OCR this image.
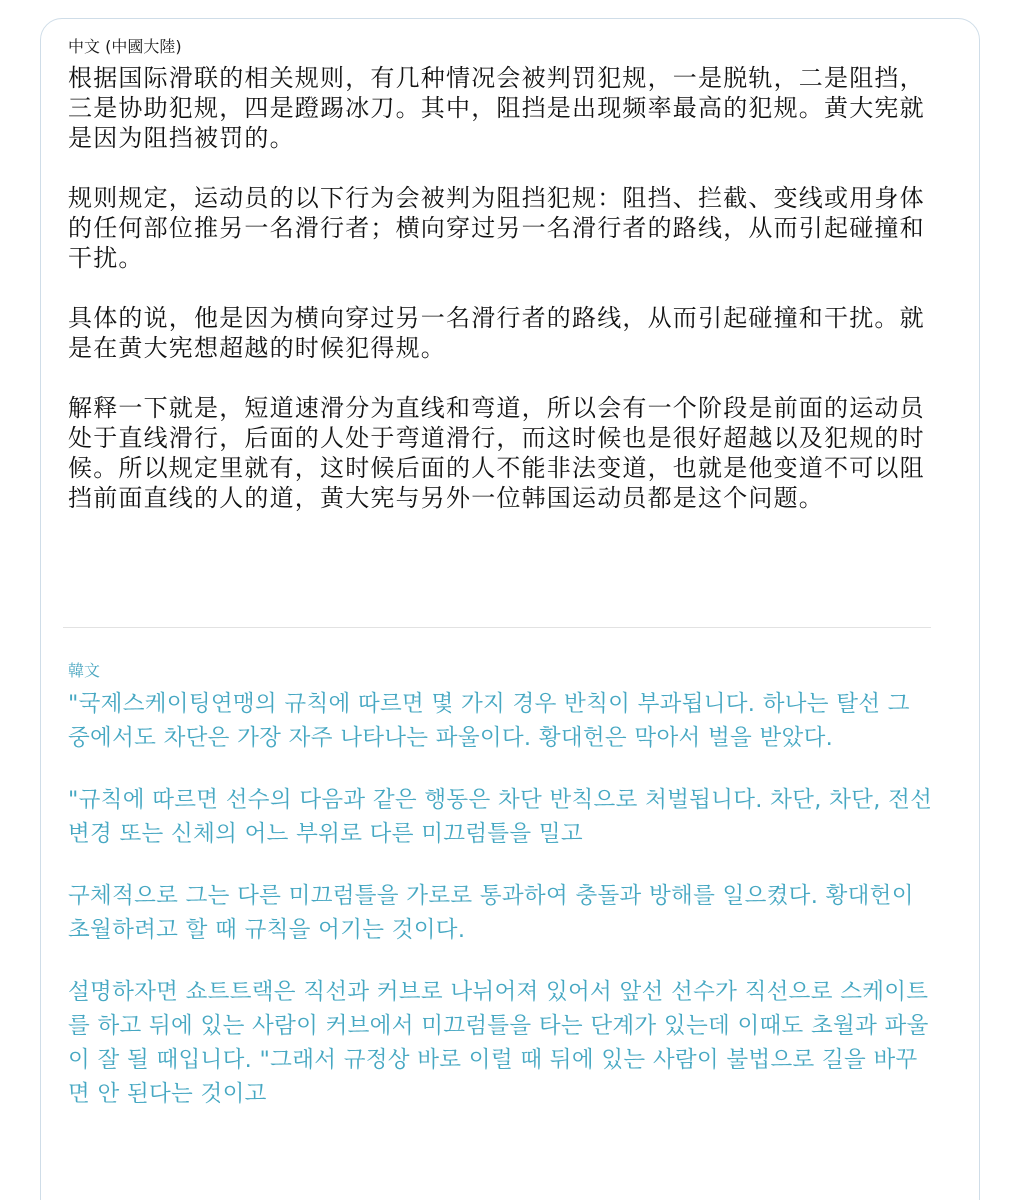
中文 (中國大陸)

根据国际滑联的相关规则，有几种情况会被判罚犯规，一是脱轨，二是阻挡，三是协助犯规，四是蹬踢冰刀。其中，阻挡是出现频率最高的犯规。黄大宪就是因为阻挡被罚的。

规则规定，运动员的以下行为会被判为阻挡犯规：阻挡、拦截、变线或用身体的任何部位推另一名滑行者；横向穿过另一名滑行者的路线，从而引起碰撞和干扰。

具体的说，他是因为横向穿过另一名滑行者的路线，从而引起碰撞和干扰。就是在黄大宪想超越的时候犯得规。

解释一下就是，短道速滑分为直线和弯道，所以会有一个阶段是前面的运动员处于直线滑行，后面的人处于弯道滑行，而这时候也是很好超越以及犯规的时候。所以规定里就有，这时候后面的人不能非法变道，也就是他变道不可以阻挡前面直线的人的道，黄大宪与另外一位韩国运动员都是这个问题。

韓文

"국제스케이팅연맹의 규칙에 따르면 몇 가지 경우 반칙이 부과됩니다. 하나는 탈선 그 중에서도 차단은 가장 자주 나타나는 파울이다. 황대헌은 막아서 벌을 받았다.

"규칙에 따르면 선수의 다음과 같은 행동은 차단 반칙으로 처벌됩니다. 차단, 차단, 전선 변경 또는 신체의 어느 부위로 다른 미끄럼틀을 밀고

구체적으로 그는 다른 미끄럼틀을 가로로 통과하여 충돌과 방해를 일으켰다. 황대헌이 초월하려고 할 때 규칙을 어기는 것이다.

설명하자면 쇼트트랙은 직선과 커브로 나뉘어져 있어서 앞선 선수가 직선으로 스케이트를 하고 뒤에 있는 사람이 커브에서 미끄럼틀을 타는 단계가 있는데 이때도 초월과 파울이 잘 될 때입니다. "그래서 규정상 바로 이럴 때 뒤에 있는 사람이 불법으로 길을 바꾸면 안 된다는 것이고
